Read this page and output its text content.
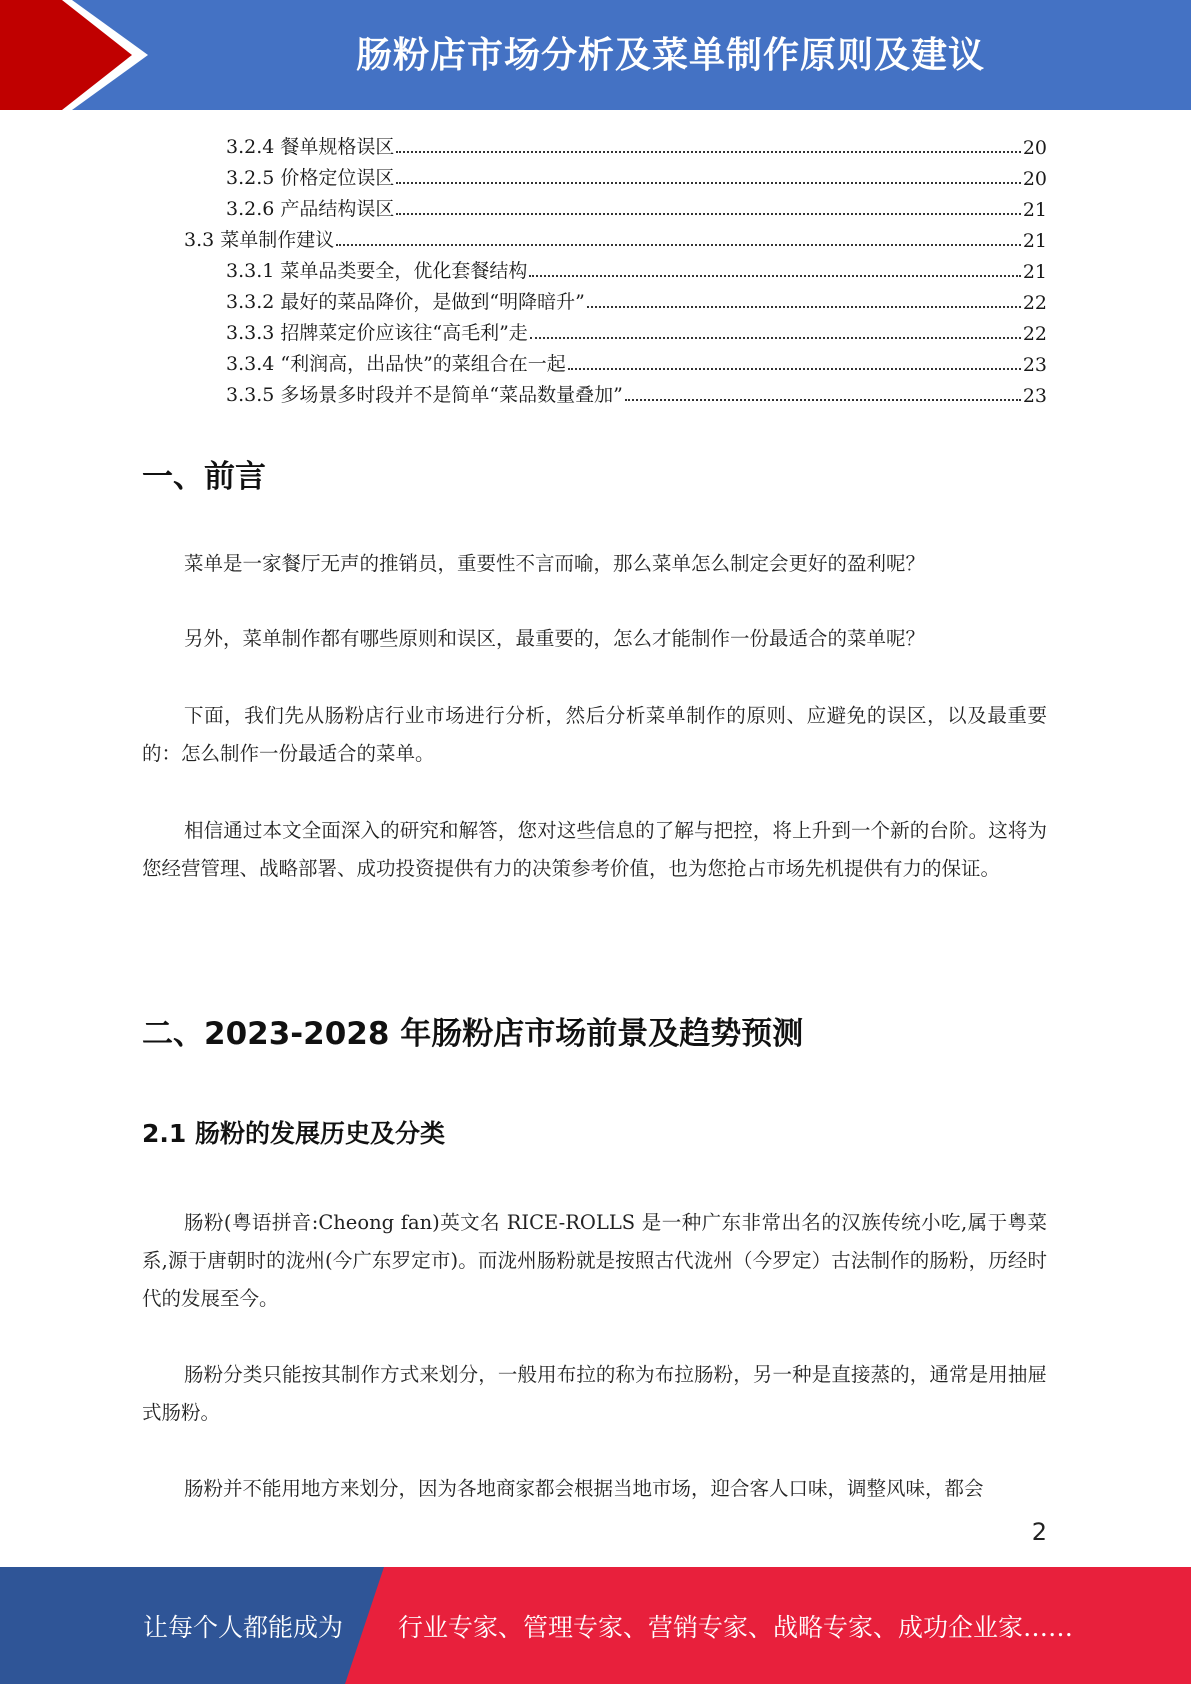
肠粉店市场分析及菜单制作原则及建议
3.2.4 餐单规格误区	20
3.2.5 价格定位误区	20
3.2.6 产品结构误区	21
3.3 菜单制作建议	21
3.3.1 菜单品类要全，优化套餐结构	21
3.3.2 最好的菜品降价，是做到“明降暗升”	22
3.3.3 招牌菜定价应该往“高毛利”走	22
3.3.4 “利润高，出品快”的菜组合在一起	23
3.3.5 多场景多时段并不是简单“菜品数量叠加”	23
一、前言

菜单是一家餐厅无声的推销员，重要性不言而喻，那么菜单怎么制定会更好的盈利呢？

另外，菜单制作都有哪些原则和误区，最重要的，怎么才能制作一份最适合的菜单呢？

下面，我们先从肠粉店行业市场进行分析，然后分析菜单制作的原则、应避免的误区，以及最重要的：怎么制作一份最适合的菜单。

相信通过本文全面深入的研究和解答，您对这些信息的了解与把控，将上升到一个新的台阶。这将为您经营管理、战略部署、成功投资提供有力的决策参考价值，也为您抢占市场先机提供有力的保证。

二、2023-2028 年肠粉店市场前景及趋势预测
2.1 肠粉的发展历史及分类

肠粉(粤语拼音:Cheong fan)英文名 RICE-ROLLS 是一种广东非常出名的汉族传统小吃,属于粤菜系,源于唐朝时的泷州(今广东罗定市)。而泷州肠粉就是按照古代泷州（今罗定）古法制作的肠粉，历经时代的发展至今。

肠粉分类只能按其制作方式来划分，一般用布拉的称为布拉肠粉，另一种是直接蒸的，通常是用抽屉式肠粉。

肠粉并不能用地方来划分，因为各地商家都会根据当地市场，迎合客人口味，调整风味，都会

2
让每个人都能成为 行业专家、管理专家、营销专家、战略专家、成功企业家……
